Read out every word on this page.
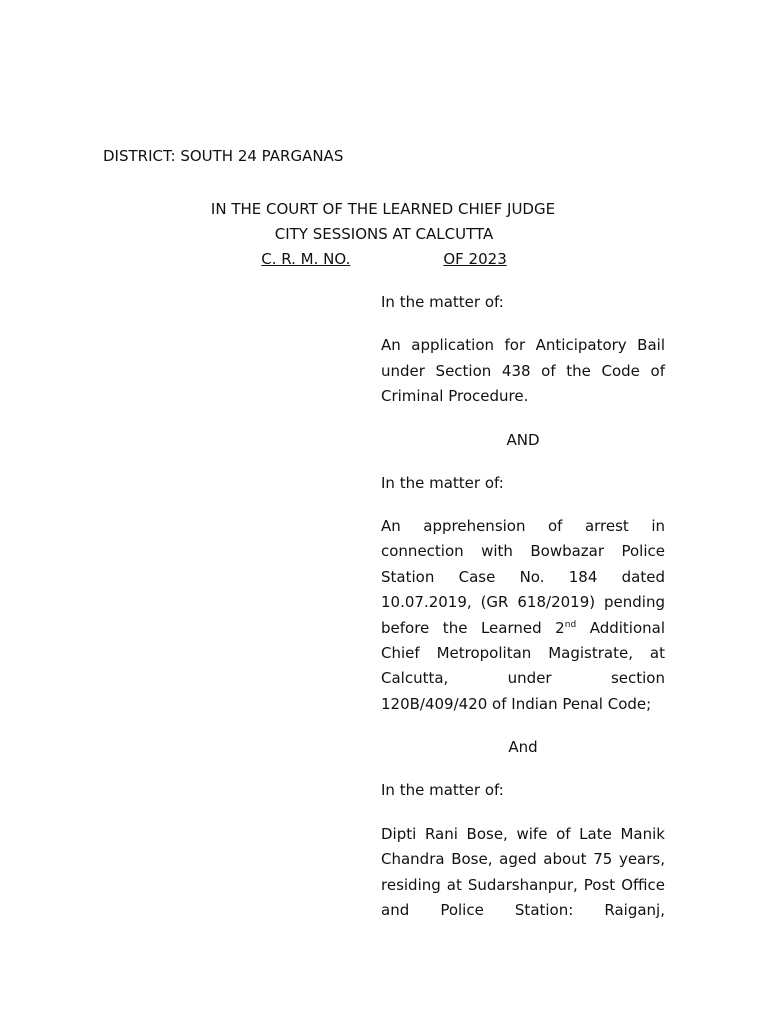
DISTRICT: SOUTH 24 PARGANAS
IN THE COURT OF THE LEARNED CHIEF JUDGE
CITY SESSIONS AT CALCUTTA
C. R. M. NO.	OF 2023

In the matter of:

An application for Anticipatory Bail under Section 438 of the Code of Criminal Procedure.

AND

In the matter of:

An apprehension of arrest in connection with Bowbazar Police Station Case No. 184 dated 10.07.2019, (GR 618/2019) pending before the Learned 2nd Additional Chief Metropolitan Magistrate, at Calcutta, under section 120B/409/420 of Indian Penal Code;

And

In the matter of:

Dipti Rani Bose, wife of Late Manik Chandra Bose, aged about 75 years, residing at Sudarshanpur, Post Office and Police Station: Raiganj,
